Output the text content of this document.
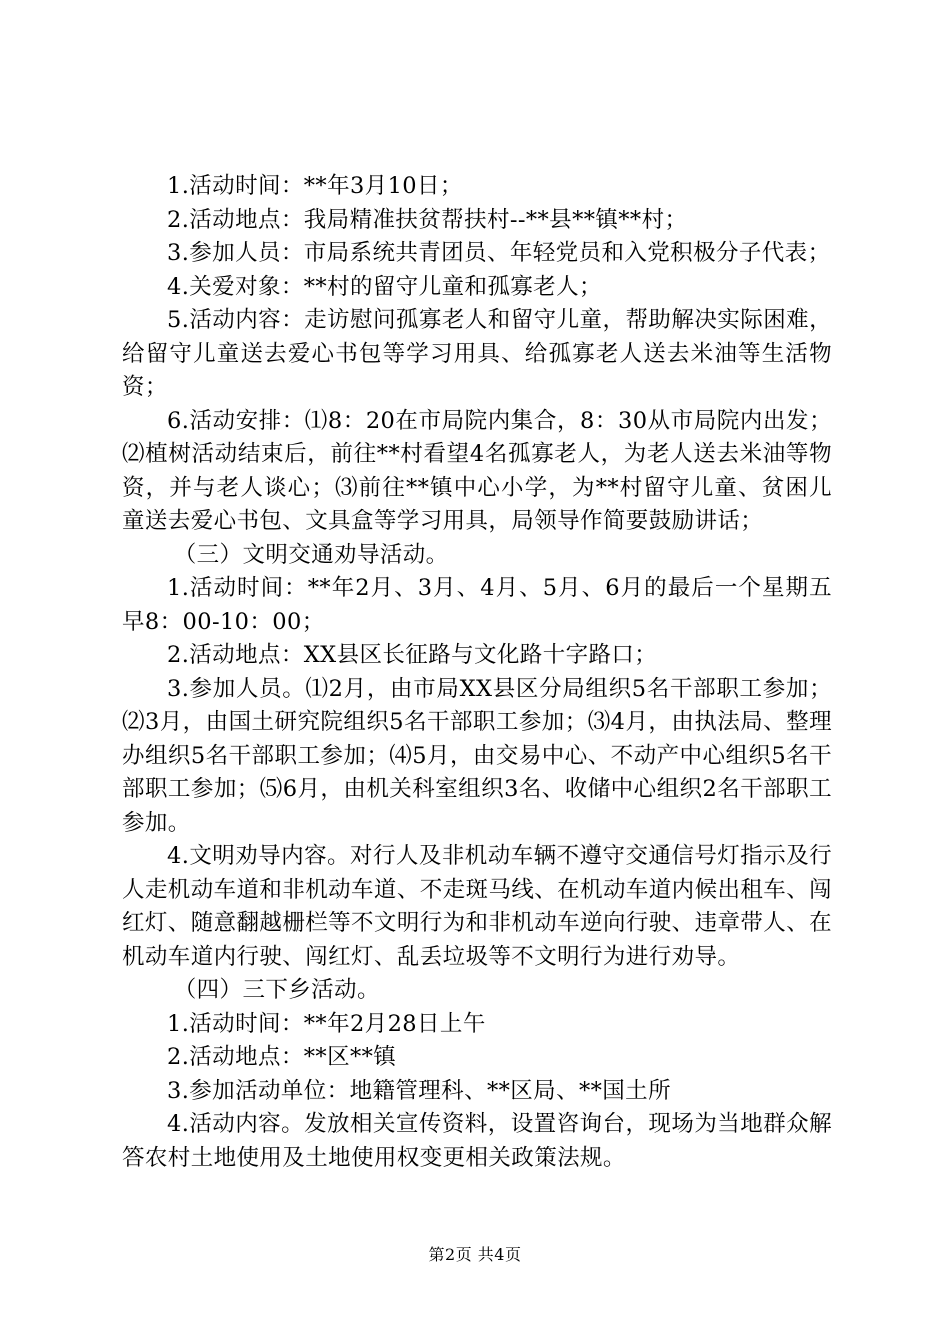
1.活动时间：**年3月10日；

2.活动地点：我局精准扶贫帮扶村--**县**镇**村；

3.参加人员：市局系统共青团员、年轻党员和入党积极分子代表；

4.关爱对象：**村的留守儿童和孤寡老人；

5.活动内容：走访慰问孤寡老人和留守儿童，帮助解决实际困难，给留守儿童送去爱心书包等学习用具、给孤寡老人送去米油等生活物资；

6.活动安排：⑴8：20在市局院内集合，8：30从市局院内出发；⑵植树活动结束后，前往**村看望4名孤寡老人，为老人送去米油等物资，并与老人谈心；⑶前往**镇中心小学，为**村留守儿童、贫困儿童送去爱心书包、文具盒等学习用具，局领导作简要鼓励讲话；

（三）文明交通劝导活动。

1.活动时间：**年2月、3月、4月、5月、6月的最后一个星期五早8：00-10：00；

2.活动地点：XX县区长征路与文化路十字路口；

3.参加人员。⑴2月，由市局XX县区分局组织5名干部职工参加；⑵3月，由国土研究院组织5名干部职工参加；⑶4月，由执法局、整理办组织5名干部职工参加；⑷5月，由交易中心、不动产中心组织5名干部职工参加；⑸6月，由机关科室组织3名、收储中心组织2名干部职工参加。

4.文明劝导内容。对行人及非机动车辆不遵守交通信号灯指示及行人走机动车道和非机动车道、不走斑马线、在机动车道内候出租车、闯红灯、随意翻越栅栏等不文明行为和非机动车逆向行驶、违章带人、在机动车道内行驶、闯红灯、乱丢垃圾等不文明行为进行劝导。

（四）三下乡活动。

1.活动时间：**年2月28日上午

2.活动地点：**区**镇

3.参加活动单位：地籍管理科、**区局、**国土所

4.活动内容。发放相关宣传资料，设置咨询台，现场为当地群众解答农村土地使用及土地使用权变更相关政策法规。

第2页 共4页
